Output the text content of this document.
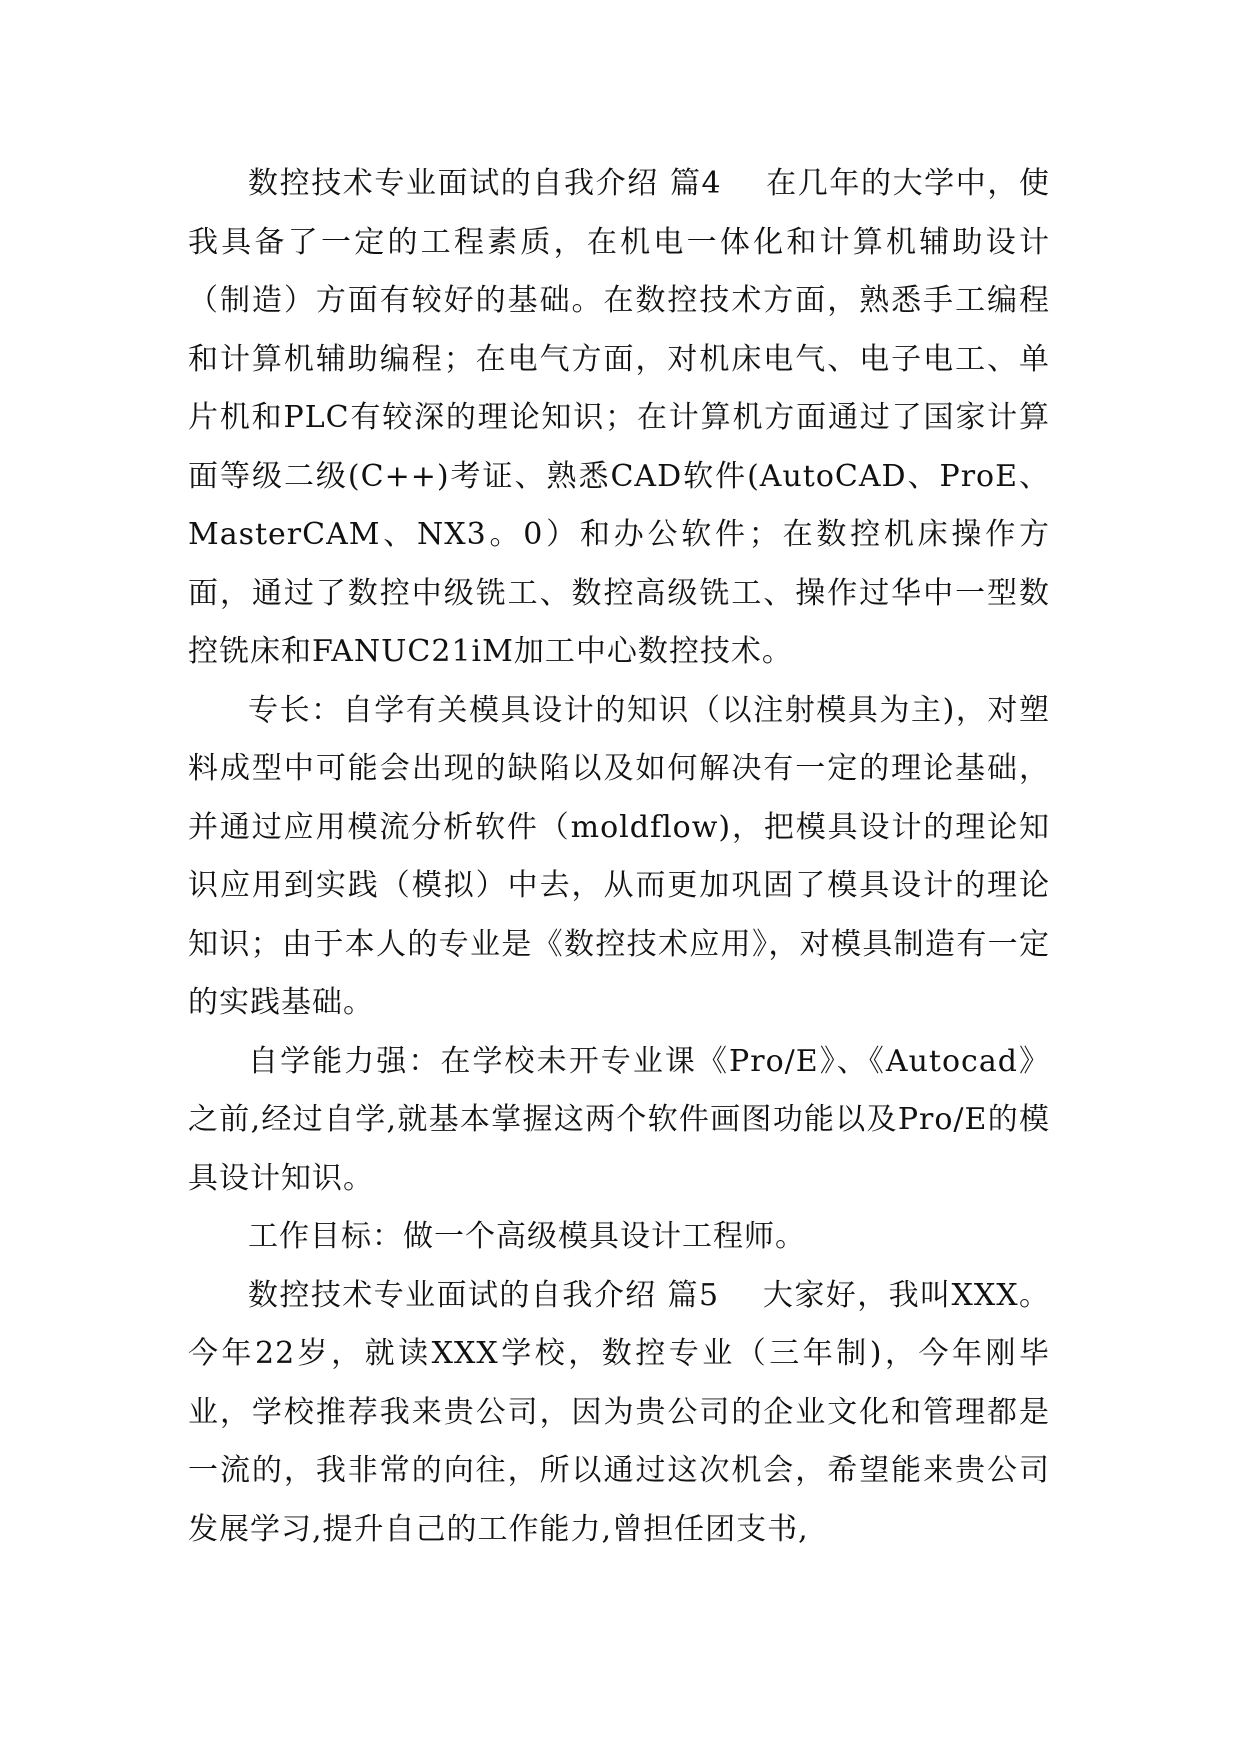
数控技术专业面试的自我介绍 篇4    在几年的大学中，使我具备了一定的工程素质，在机电一体化和计算机辅助设计（制造）方面有较好的基础。在数控技术方面，熟悉手工编程和计算机辅助编程；在电气方面，对机床电气、电子电工、单片机和PLC有较深的理论知识；在计算机方面通过了国家计算面等级二级(C++)考证、熟悉CAD软件(AutoCAD、ProE、MasterCAM、NX3。0）和办公软件；在数控机床操作方面，通过了数控中级铣工、数控高级铣工、操作过华中一型数控铣床和FANUC21iM加工中心数控技术。

专长：自学有关模具设计的知识（以注射模具为主)，对塑料成型中可能会出现的缺陷以及如何解决有一定的理论基础，并通过应用模流分析软件（moldflow)，把模具设计的理论知识应用到实践（模拟）中去，从而更加巩固了模具设计的理论知识；由于本人的专业是《数控技术应用》，对模具制造有一定的实践基础。

自学能力强：在学校未开专业课《Pro/E》、《Autocad》之前,经过自学,就基本掌握这两个软件画图功能以及Pro/E的模具设计知识。

工作目标：做一个高级模具设计工程师。

数控技术专业面试的自我介绍 篇5    大家好，我叫XXX。今年22岁，就读XXX学校，数控专业（三年制)，今年刚毕业，学校推荐我来贵公司，因为贵公司的企业文化和管理都是一流的，我非常的向往，所以通过这次机会，希望能来贵公司发展学习,提升自己的工作能力,曾担任团支书,
